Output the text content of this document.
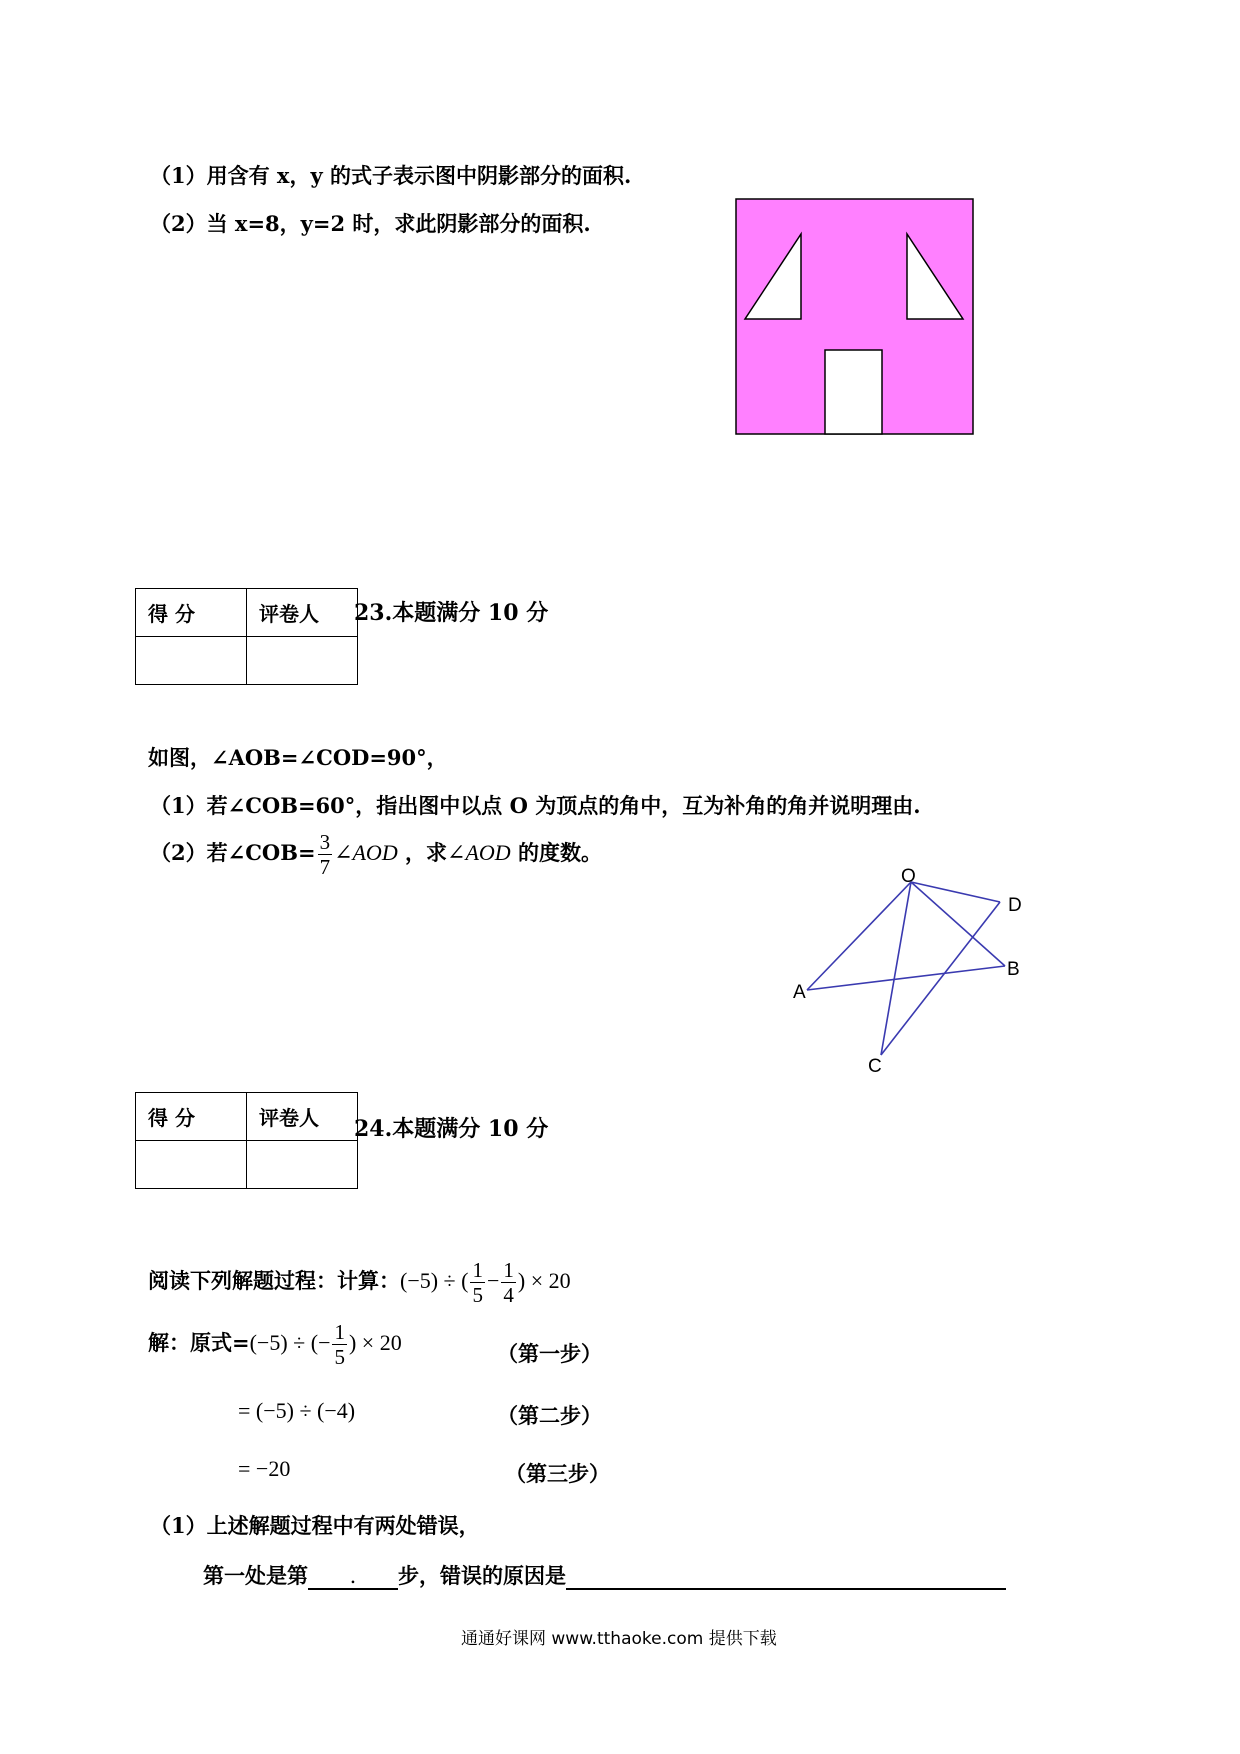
（1）用含有 x，y 的式子表示图中阴影部分的面积.
（2）当 x=8，y=2 时，求此阴影部分的面积.
得 分	评卷人
	23.本题满分 10 分
如图，∠AOB=∠COD=90°，
（1）若∠COB=60°，指出图中以点 O 为顶点的角中，互为补角的角并说明理由.
（2）若∠COB= $\frac{3}{7}$ ∠AOD ，求∠AOD 的度数。
O
D
A
B
C
得 分	评卷人
	24.本题满分 10 分
阅读下列解题过程：计算：(−5) ÷ ( $\frac{1}{5} - \frac{1}{4}$ ) × 20
解：原式=(−5) ÷ (− $\frac{1}{5}$ ) × 20	（第一步）
= (−5) ÷ (−4)	（第二步）
= −20	（第三步）
（1）上述解题过程中有两处错误，
第一处是第 . 步，错误的原因是
通通好课网 www.tthaoke.com 提供下载
